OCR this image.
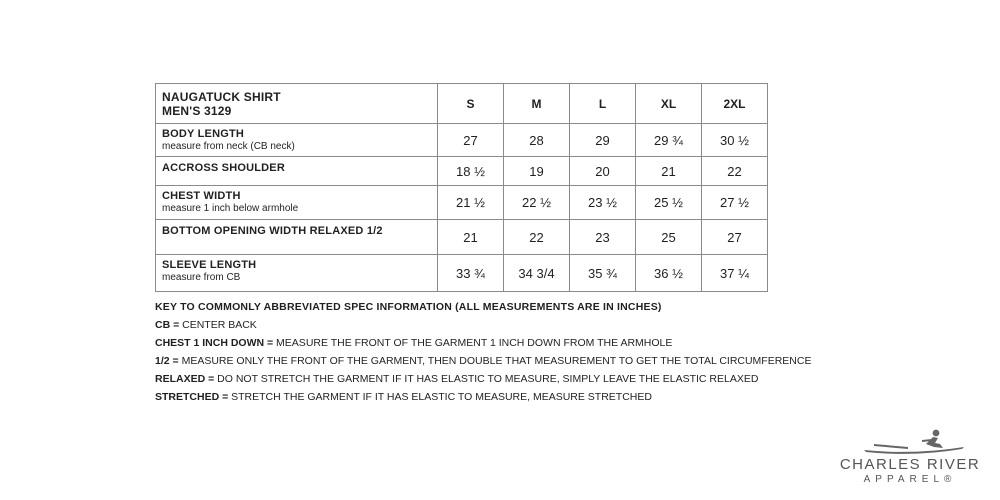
NAUGATUCK SHIRT
MEN'S 3129	S	M	L	XL	2XL

BODY LENGTH
measure from neck (CB neck)	27	28	29	29 ¾	30 ½

ACCROSS SHOULDER	18 ½	19	20	21	22

CHEST WIDTH
measure 1 inch below armhole	21 ½	22 ½	23 ½	25 ½	27 ½

BOTTOM OPENING WIDTH RELAXED 1/2	21	22	23	25	27

SLEEVE LENGTH
measure from CB	33 ¾	34 3/4	35 ¾	36 ½	37 ¼
KEY TO COMMONLY ABBREVIATED SPEC INFORMATION (ALL MEASUREMENTS ARE IN INCHES)
CB = CENTER BACK
CHEST 1 INCH DOWN = MEASURE THE FRONT OF THE GARMENT 1 INCH DOWN FROM THE ARMHOLE
1/2 = MEASURE ONLY THE FRONT OF THE GARMENT, THEN DOUBLE THAT MEASUREMENT TO GET THE TOTAL CIRCUMFERENCE
RELAXED = DO NOT STRETCH THE GARMENT IF IT HAS ELASTIC TO MEASURE, SIMPLY LEAVE THE ELASTIC RELAXED
STRETCHED = STRETCH THE GARMENT IF IT HAS ELASTIC TO MEASURE, MEASURE STRETCHED
CHARLES RIVER
APPAREL®
